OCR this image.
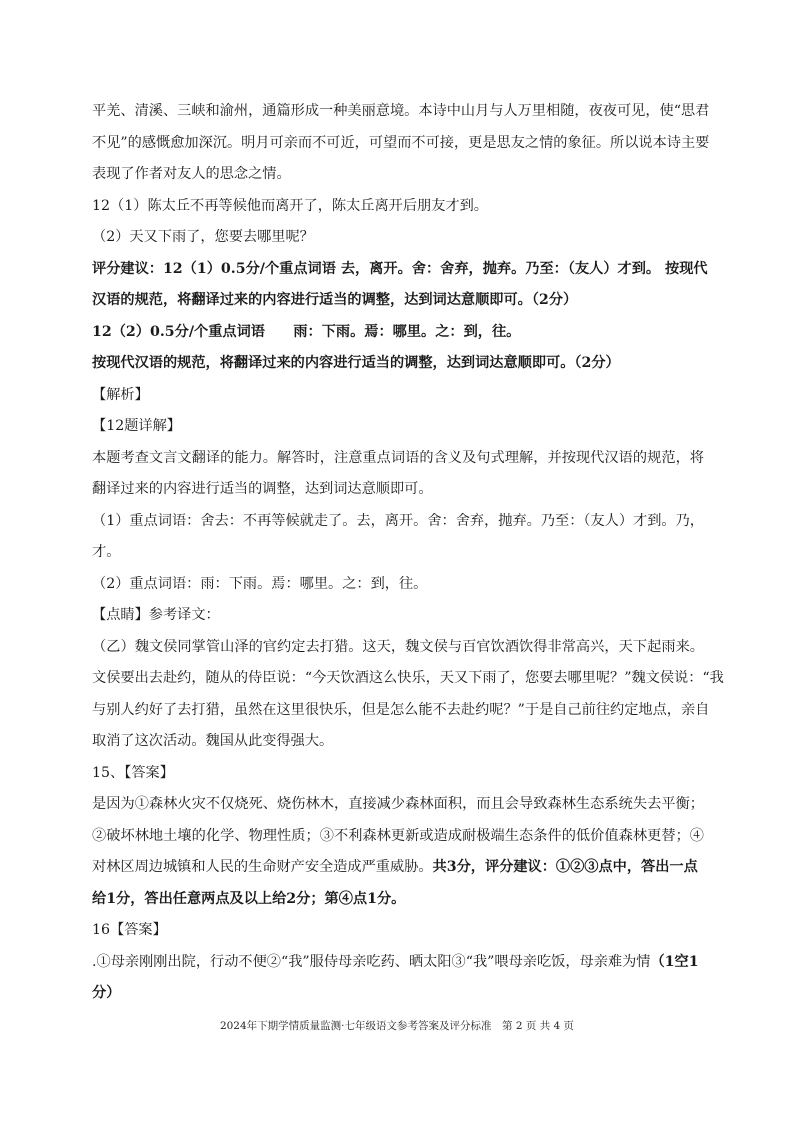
平羌、清溪、三峡和渝州，通篇形成一种美丽意境。本诗中山月与人万里相随，夜夜可见，使“思君
不见”的感慨愈加深沉。明月可亲而不可近，可望而不可接，更是思友之情的象征。所以说本诗主要
表现了作者对友人的思念之情。
12（1）陈太丘不再等候他而离开了，陈太丘离开后朋友才到。
（2）天又下雨了，您要去哪里呢？
评分建议：12（1）0.5分/个重点词语 去，离开。舍：舍弃，抛弃。乃至：（友人）才到。 按现代
汉语的规范，将翻译过来的内容进行适当的调整，达到词达意顺即可。（2分）
12（2）0.5分/个重点词语　　雨：下雨。焉：哪里。之：到，往。
按现代汉语的规范，将翻译过来的内容进行适当的调整，达到词达意顺即可。（2分）
【解析】
【12题详解】
本题考查文言文翻译的能力。解答时，注意重点词语的含义及句式理解，并按现代汉语的规范，将
翻译过来的内容进行适当的调整，达到词达意顺即可。
（1）重点词语：舍去：不再等候就走了。去，离开。舍：舍弃，抛弃。乃至：（友人）才到。乃，
才。
（2）重点词语：雨：下雨。焉：哪里。之：到，往。
【点睛】参考译文：
（乙）魏文侯同掌管山泽的官约定去打猎。这天，魏文侯与百官饮酒饮得非常高兴，天下起雨来。
文侯要出去赴约，随从的侍臣说：“今天饮酒这么快乐，天又下雨了，您要去哪里呢？”魏文侯说：“我
与别人约好了去打猎，虽然在这里很快乐，但是怎么能不去赴约呢？”于是自己前往约定地点，亲自
取消了这次活动。魏国从此变得强大。
15、【答案】
是因为①森林火灾不仅烧死、烧伤林木，直接减少森林面积，而且会导致森林生态系统失去平衡；
②破坏林地土壤的化学、物理性质；③不利森林更新或造成耐极端生态条件的低价值森林更替；④
对林区周边城镇和人民的生命财产安全造成严重威胁。共3分，评分建议：①②③点中，答出一点
给1分，答出任意两点及以上给2分；第④点1分。
16【答案】
.①母亲刚刚出院，行动不便②“我”服侍母亲吃药、晒太阳③“我”喂母亲吃饭，母亲难为情（1空1
分）
2024年下期学情质量监测·七年级语文参考答案及评分标准　第 2 页 共 4 页
